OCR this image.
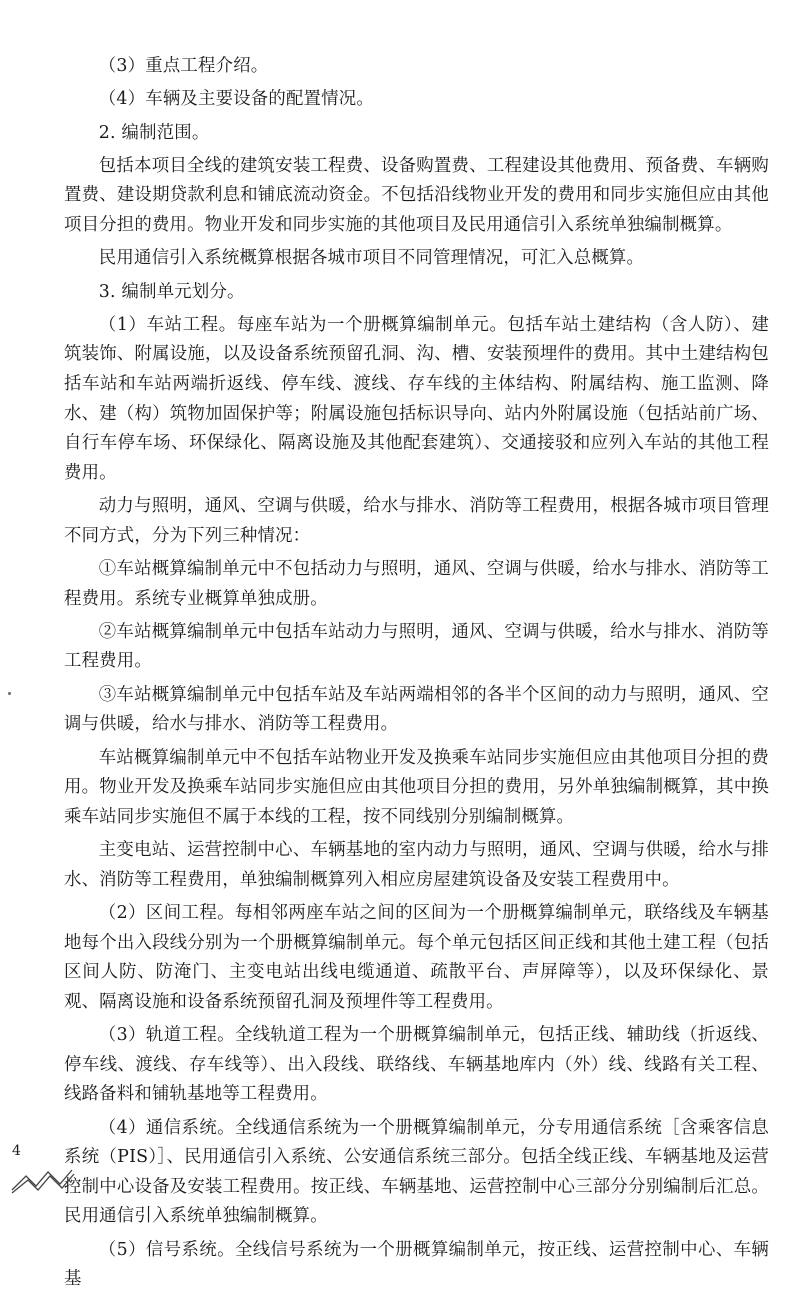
（3）重点工程介绍。

（4）车辆及主要设备的配置情况。

2. 编制范围。

包括本项目全线的建筑安装工程费、设备购置费、工程建设其他费用、预备费、车辆购置费、建设期贷款利息和铺底流动资金。不包括沿线物业开发的费用和同步实施但应由其他项目分担的费用。物业开发和同步实施的其他项目及民用通信引入系统单独编制概算。

民用通信引入系统概算根据各城市项目不同管理情况，可汇入总概算。

3. 编制单元划分。

（1）车站工程。每座车站为一个册概算编制单元。包括车站土建结构（含人防）、建筑装饰、附属设施，以及设备系统预留孔洞、沟、槽、安装预埋件的费用。其中土建结构包括车站和车站两端折返线、停车线、渡线、存车线的主体结构、附属结构、施工监测、降水、建（构）筑物加固保护等；附属设施包括标识导向、站内外附属设施（包括站前广场、自行车停车场、环保绿化、隔离设施及其他配套建筑）、交通接驳和应列入车站的其他工程费用。

动力与照明，通风、空调与供暖，给水与排水、消防等工程费用，根据各城市项目管理不同方式，分为下列三种情况：

①车站概算编制单元中不包括动力与照明，通风、空调与供暖，给水与排水、消防等工程费用。系统专业概算单独成册。

②车站概算编制单元中包括车站动力与照明，通风、空调与供暖，给水与排水、消防等工程费用。

③车站概算编制单元中包括车站及车站两端相邻的各半个区间的动力与照明，通风、空调与供暖，给水与排水、消防等工程费用。

车站概算编制单元中不包括车站物业开发及换乘车站同步实施但应由其他项目分担的费用。物业开发及换乘车站同步实施但应由其他项目分担的费用，另外单独编制概算，其中换乘车站同步实施但不属于本线的工程，按不同线别分别编制概算。

主变电站、运营控制中心、车辆基地的室内动力与照明，通风、空调与供暖，给水与排水、消防等工程费用，单独编制概算列入相应房屋建筑设备及安装工程费用中。

（2）区间工程。每相邻两座车站之间的区间为一个册概算编制单元，联络线及车辆基地每个出入段线分别为一个册概算编制单元。每个单元包括区间正线和其他土建工程（包括区间人防、防淹门、主变电站出线电缆通道、疏散平台、声屏障等），以及环保绿化、景观、隔离设施和设备系统预留孔洞及预埋件等工程费用。

（3）轨道工程。全线轨道工程为一个册概算编制单元，包括正线、辅助线（折返线、停车线、渡线、存车线等）、出入段线、联络线、车辆基地库内（外）线、线路有关工程、线路备料和铺轨基地等工程费用。

（4）通信系统。全线通信系统为一个册概算编制单元，分专用通信系统［含乘客信息系统（PIS）］、民用通信引入系统、公安通信系统三部分。包括全线正线、车辆基地及运营控制中心设备及安装工程费用。按正线、车辆基地、运营控制中心三部分分别编制后汇总。民用通信引入系统单独编制概算。

（5）信号系统。全线信号系统为一个册概算编制单元，按正线、运营控制中心、车辆基

4
